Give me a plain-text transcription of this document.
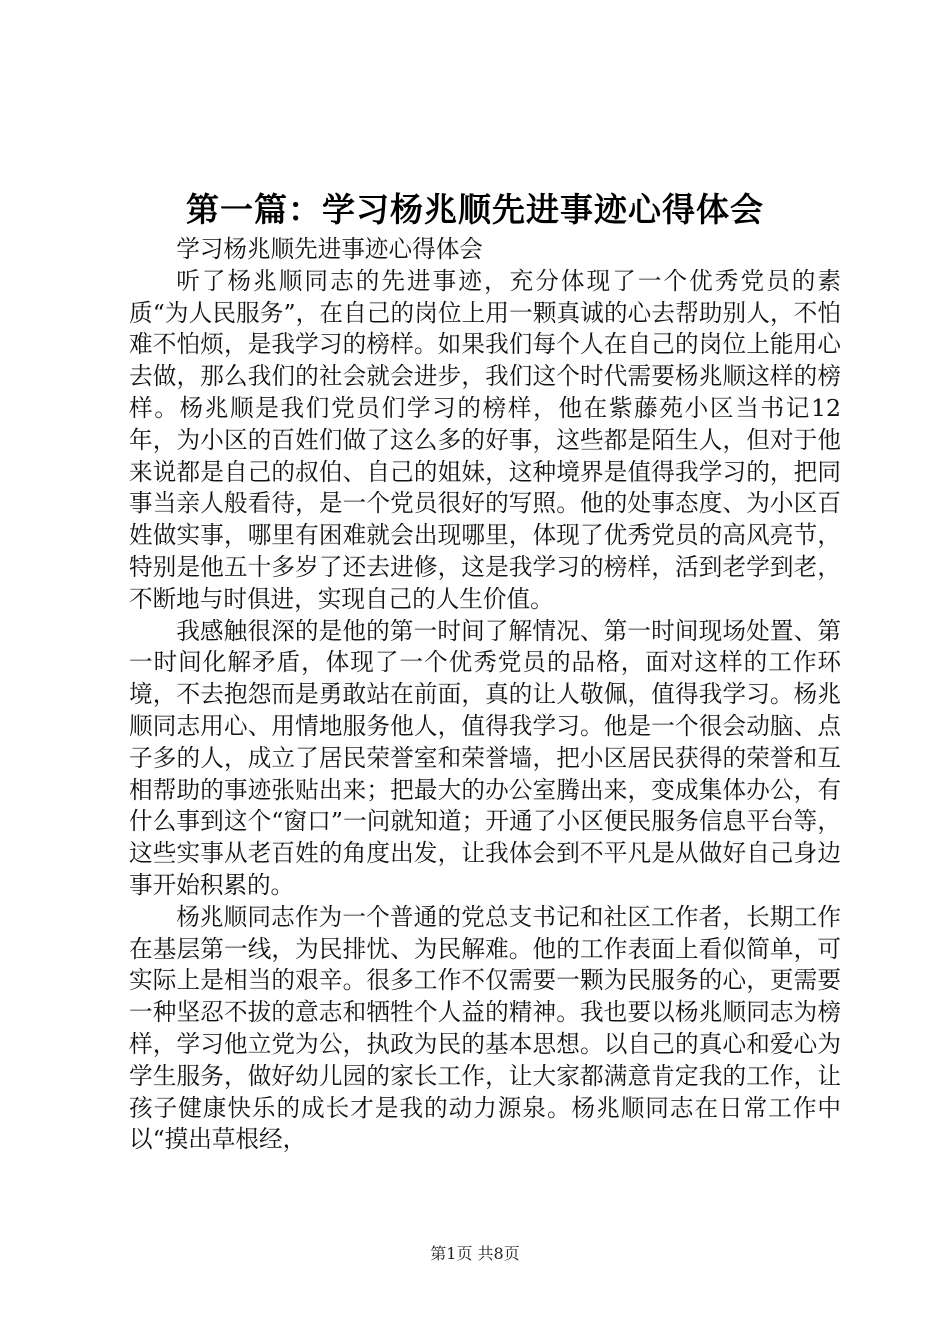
第一篇：学习杨兆顺先进事迹心得体会

学习杨兆顺先进事迹心得体会

听了杨兆顺同志的先进事迹，充分体现了一个优秀党员的素质“为人民服务”，在自己的岗位上用一颗真诚的心去帮助别人，不怕难不怕烦，是我学习的榜样。如果我们每个人在自己的岗位上能用心去做，那么我们的社会就会进步，我们这个时代需要杨兆顺这样的榜样。杨兆顺是我们党员们学习的榜样，他在紫藤苑小区当书记12年，为小区的百姓们做了这么多的好事，这些都是陌生人，但对于他来说都是自己的叔伯、自己的姐妹，这种境界是值得我学习的，把同事当亲人般看待，是一个党员很好的写照。他的处事态度、为小区百姓做实事，哪里有困难就会出现哪里，体现了优秀党员的高风亮节，特别是他五十多岁了还去进修，这是我学习的榜样，活到老学到老，不断地与时俱进，实现自己的人生价值。

我感触很深的是他的第一时间了解情况、第一时间现场处置、第一时间化解矛盾，体现了一个优秀党员的品格，面对这样的工作环境，不去抱怨而是勇敢站在前面，真的让人敬佩，值得我学习。杨兆顺同志用心、用情地服务他人，值得我学习。他是一个很会动脑、点子多的人，成立了居民荣誉室和荣誉墙，把小区居民获得的荣誉和互相帮助的事迹张贴出来；把最大的办公室腾出来，变成集体办公，有什么事到这个“窗口”一问就知道；开通了小区便民服务信息平台等，这些实事从老百姓的角度出发，让我体会到不平凡是从做好自己身边事开始积累的。

杨兆顺同志作为一个普通的党总支书记和社区工作者，长期工作在基层第一线，为民排忧、为民解难。他的工作表面上看似简单，可实际上是相当的艰辛。很多工作不仅需要一颗为民服务的心，更需要一种坚忍不拔的意志和牺牲个人益的精神。我也要以杨兆顺同志为榜样，学习他立党为公，执政为民的基本思想。以自己的真心和爱心为学生服务，做好幼儿园的家长工作，让大家都满意肯定我的工作，让孩子健康快乐的成长才是我的动力源泉。杨兆顺同志在日常工作中以“摸出草根经，

第1页 共8页
